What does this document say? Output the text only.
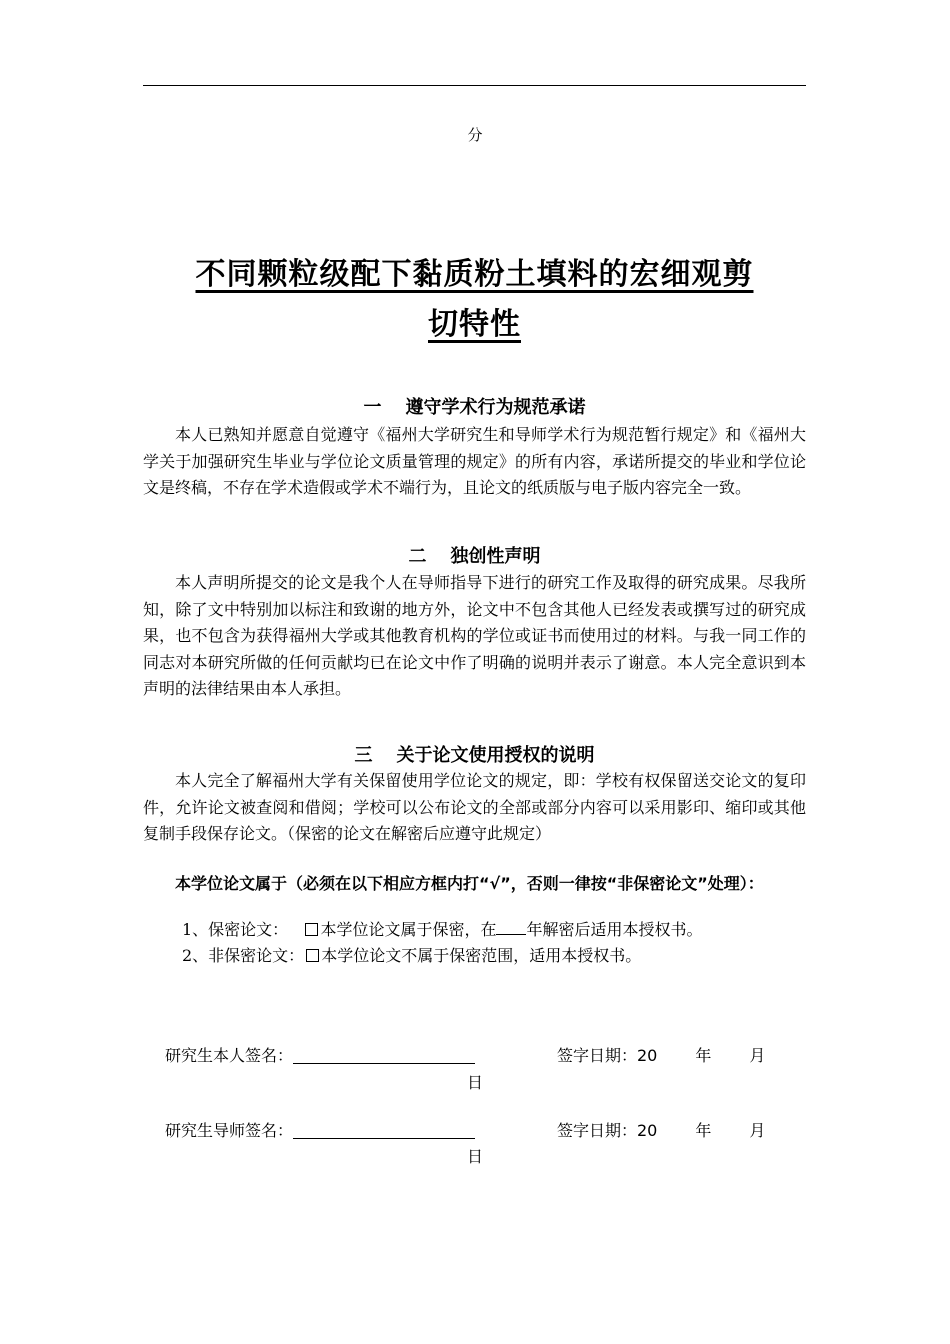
分
不同颗粒级配下黏质粉土填料的宏细观剪
切特性
一 遵守学术行为规范承诺

本人已熟知并愿意自觉遵守《福州大学研究生和导师学术行为规范暂行规定》和《福州大学关于加强研究生毕业与学位论文质量管理的规定》的所有内容，承诺所提交的毕业和学位论文是终稿，不存在学术造假或学术不端行为，且论文的纸质版与电子版内容完全一致。

二 独创性声明

本人声明所提交的论文是我个人在导师指导下进行的研究工作及取得的研究成果。尽我所知，除了文中特别加以标注和致谢的地方外，论文中不包含其他人已经发表或撰写过的研究成果，也不包含为获得福州大学或其他教育机构的学位或证书而使用过的材料。与我一同工作的同志对本研究所做的任何贡献均已在论文中作了明确的说明并表示了谢意。本人完全意识到本声明的法律结果由本人承担。

三 关于论文使用授权的说明

本人完全了解福州大学有关保留使用学位论文的规定，即：学校有权保留送交论文的复印件，允许论文被查阅和借阅；学校可以公布论文的全部或部分内容可以采用影印、缩印或其他复制手段保存论文。（保密的论文在解密后应遵守此规定）

本学位论文属于（必须在以下相应方框内打“√”，否则一律按“非保密论文”处理）：

1、保密论文： 本学位论文属于保密，在 年解密后适用本授权书。
2、非保密论文： 本学位论文不属于保密范围，适用本授权书。
研究生本人签名：	签字日期：20 年 月
日
研究生导师签名：	签字日期：20 年 月
日
